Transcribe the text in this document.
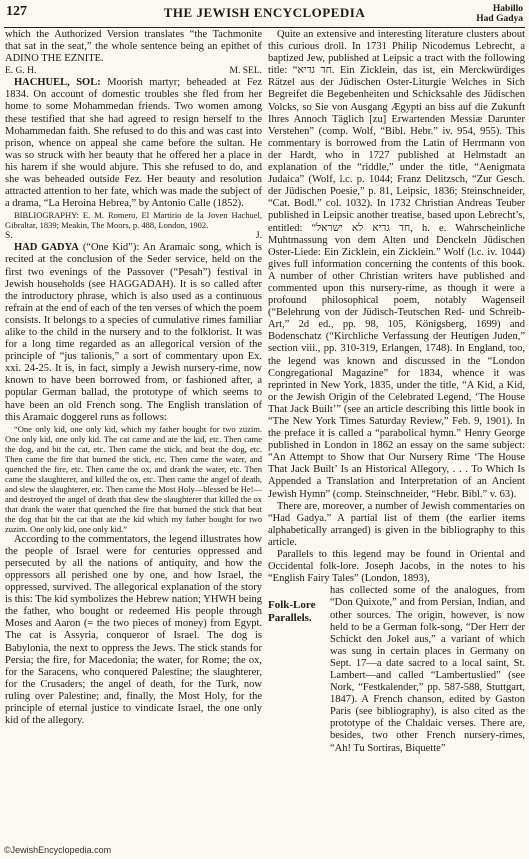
127	THE JEWISH ENCYCLOPEDIA	Habillo
Had Gadya

which the Authorized Version translates “the Tachmonite that sat in the seat,” the whole sentence being an epithet of ADINO THE EZNITE.

E. G. H.	M. SEL.

HACHUEL, SOL: Moorish martyr; beheaded at Fez 1834. On account of domestic troubles she fled from her home to some Mohammedan friends. Two women among these testified that she had agreed to resign herself to the Mohammedan faith. She refused to do this and was cast into prison, whence on appeal she came before the sultan. He was so struck with her beauty that he offered her a place in his harem if she would abjure. This she refused to do, and she was beheaded outside Fez. Her beauty and resolution attracted attention to her fate, which was made the subject of a drama, “La Heroina Hebrea,” by Antonio Calle (1852).

BIBLIOGRAPHY: E. M. Romero, El Martirio de la Joven Hachuel, Gibraltar, 1839; Meakin, The Moors, p. 488, London, 1902.

S.	J.

HAD GADYA (“One Kid”): An Aramaic song, which is recited at the conclusion of the Seder service, held on the first two evenings of the Passover (“Pesah”) festival in Jewish households (see HAGGADAH). It is so called after the introductory phrase, which is also used as a continuous refrain at the end of each of the ten verses of which the poem consists. It belongs to a species of cumulative rimes familiar alike to the child in the nursery and to the folklorist. It was for a long time regarded as an allegorical version of the principle of “jus talionis,” a sort of commentary upon Ex. xxi. 24-25. It is, in fact, simply a Jewish nursery-rime, now known to have been borrowed from, or fashioned after, a popular German ballad, the prototype of which seems to have been an old French song. The English translation of this Aramaic doggerel runs as follows:

“One only kid, one only kid, which my father bought for two zuzim. One only kid, one only kid. The cat came and ate the kid, etc. Then came the dog, and bit the cat, etc. Then came the stick, and beat the dog, etc. Then came the fire that burned the stick, etc. Then came the water, and quenched the fire, etc. Then came the ox, and drank the water, etc. Then came the slaughterer, and killed the ox, etc. Then came the angel of death, and slew the slaughterer, etc. Then came the Most Holy—blessed be He!—and destroyed the angel of death that slew the slaughterer that killed the ox that drank the water that quenched the fire that burned the stick that beat the dog that bit the cat that ate the kid which my father bought for two zuzim. One only kid, one only kid.”

According to the commentators, the legend illustrates how the people of Israel were for centuries oppressed and persecuted by all the nations of antiquity, and how the oppressors all perished one by one, and how Israel, the oppressed, survived. The allegorical explanation of the story is this: The kid symbolizes the Hebrew nation; YHWH being the father, who bought or redeemed His people through Moses and Aaron (= the two pieces of money) from Egypt. The cat is Assyria, conqueror of Israel. The dog is Babylonia, the next to oppress the Jews. The stick stands for Persia; the fire, for Macedonia; the water, for Rome; the ox, for the Saracens, who conquered Palestine; the slaughterer, for the Crusaders; the angel of death, for the Turk, now ruling over Palestine; and, finally, the Most Holy, for the principle of eternal justice to vindicate Israel, the one only kid of the allegory.

Quite an extensive and interesting literature clusters about this curious droll. In 1731 Philip Nicodemus Lebrecht, a baptized Jew, published at Leipsic a tract with the following title: “חד גדיא. Ein Zicklein, das ist, ein Merckwürdiges Rätzel aus der Jüdischen Oster-Liturgie Welches in Sich Begreifet die Begebenheiten und Schicksahle des Jüdischen Volcks, so Sie von Ausgang Ægypti an biss auf die Zukunft Ihres Annoch Täglich [zu] Erwartenden Messiæ Darunter Verstehen” (comp. Wolf, “Bibl. Hebr.” iv. 954, 955). This commentary is borrowed from the Latin of Herrmann von der Hardt, who in 1727 published at Helmstadt an explanation of the “riddle,” under the title, “Aenigmata Judaica” (Wolf, l.c. p. 1044; Franz Delitzsch, “Zur Gesch. der Jüdischen Poesie,” p. 81, Leipsic, 1836; Steinschneider, “Cat. Bodl.” col. 1032). In 1732 Christian Andreas Teuber published in Leipsic another treatise, based upon Lebrecht’s, entitled: “חד גדיא לא ישראל, h. e. Wahrscheinliche Muhtmassung von dem Alten und Denckeln Jüdischen Oster-Liede: Ein Zicklein, ein Zicklein.” Wolf (l.c. iv. 1044) gives full information concerning the contents of this book. A number of other Christian writers have published and commented upon this nursery-rime, as though it were a profound philosophical poem, notably Wagenseil (“Belehrung von der Jüdisch-Teutschen Red- und Schreib-Art,” 2d ed., pp. 98, 105, Königsberg, 1699) and Bodenschatz (“Kirchliche Verfassung der Heutigen Juden,” section viii., pp. 310-319, Erlangen, 1748). In England, too, the legend was known and discussed in the “London Congregational Magazine” for 1834, whence it was reprinted in New York, 1835, under the title, “A Kid, a Kid, or the Jewish Origin of the Celebrated Legend, ‘The House That Jack Built’” (see an article describing this little book in “The New York Times Saturday Review,” Feb. 9, 1901). In the preface it is called a “parabolical hymn.” Henry George published in London in 1862 an essay on the same subject: “An Attempt to Show that Our Nursery Rime ‘The House That Jack Built’ Is an Historical Allegory, . . . To Which Is Appended a Translation and Interpretation of an Ancient Jewish Hymn” (comp. Steinschneider, “Hebr. Bibl.” v. 63).

There are, moreover, a number of Jewish commentaries on “Had Gadya.” A partial list of them (the earlier items alphabetically arranged) is given in the bibliography to this article.

Parallels to this legend may be found in Oriental and Occidental folk-lore. Joseph Jacobs, in the notes to his “English Fairy Tales” (London, 1893),

Folk-Lore Parallels.
has collected some of the analogues, from “Don Quixote,” and from Persian, Indian, and other sources. The origin, however, is now held to be a German folk-song, “Der Herr der Schickt den Jokel aus,” a variant of which was sung in certain places in Germany on Sept. 17—a date sacred to a local saint, St. Lambert—and called “Lambertuslied” (see Nork, “Festkalender,” pp. 587-588, Stuttgart, 1847). A French chanson, edited by Gaston Paris (see bibliography), is also cited as the prototype of the Chaldaic verses. There are, besides, two other French nursery-rimes, “Ah! Tu Sortiras, Biquette”
©JewishEncyclopedia.com
